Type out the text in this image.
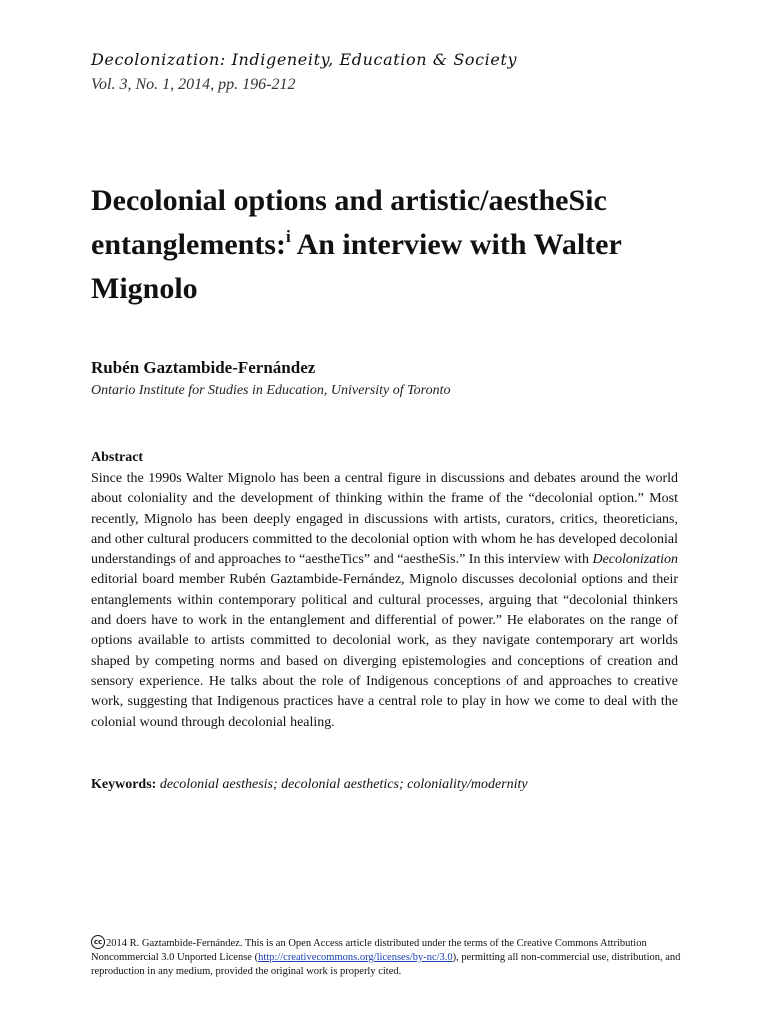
Decolonization: Indigeneity, Education & Society
Vol. 3, No. 1, 2014, pp. 196-212
Decolonial options and artistic/aestheSic entanglements:$^i$ An interview with Walter Mignolo
Rubén Gaztambide-Fernández
Ontario Institute for Studies in Education, University of Toronto
Abstract
Since the 1990s Walter Mignolo has been a central figure in discussions and debates around the world about coloniality and the development of thinking within the frame of the “decolonial option.” Most recently, Mignolo has been deeply engaged in discussions with artists, curators, critics, theoreticians, and other cultural producers committed to the decolonial option with whom he has developed decolonial understandings of and approaches to “aestheTics” and “aestheSis.” In this interview with Decolonization editorial board member Rubén Gaztambide-Fernández, Mignolo discusses decolonial options and their entanglements within contemporary political and cultural processes, arguing that “decolonial thinkers and doers have to work in the entanglement and differential of power.” He elaborates on the range of options available to artists committed to decolonial work, as they navigate contemporary art worlds shaped by competing norms and based on diverging epistemologies and conceptions of creation and sensory experience. He talks about the role of Indigenous conceptions of and approaches to creative work, suggesting that Indigenous practices have a central role to play in how we come to deal with the colonial wound through decolonial healing.
Keywords: decolonial aesthesis; decolonial aesthetics; coloniality/modernity
cc 2014 R. Gaztambide-Fernández. This is an Open Access article distributed under the terms of the Creative Commons Attribution Noncommercial 3.0 Unported License (http://creativecommons.org/licenses/by-nc/3.0), permitting all non-commercial use, distribution, and reproduction in any medium, provided the original work is properly cited.
